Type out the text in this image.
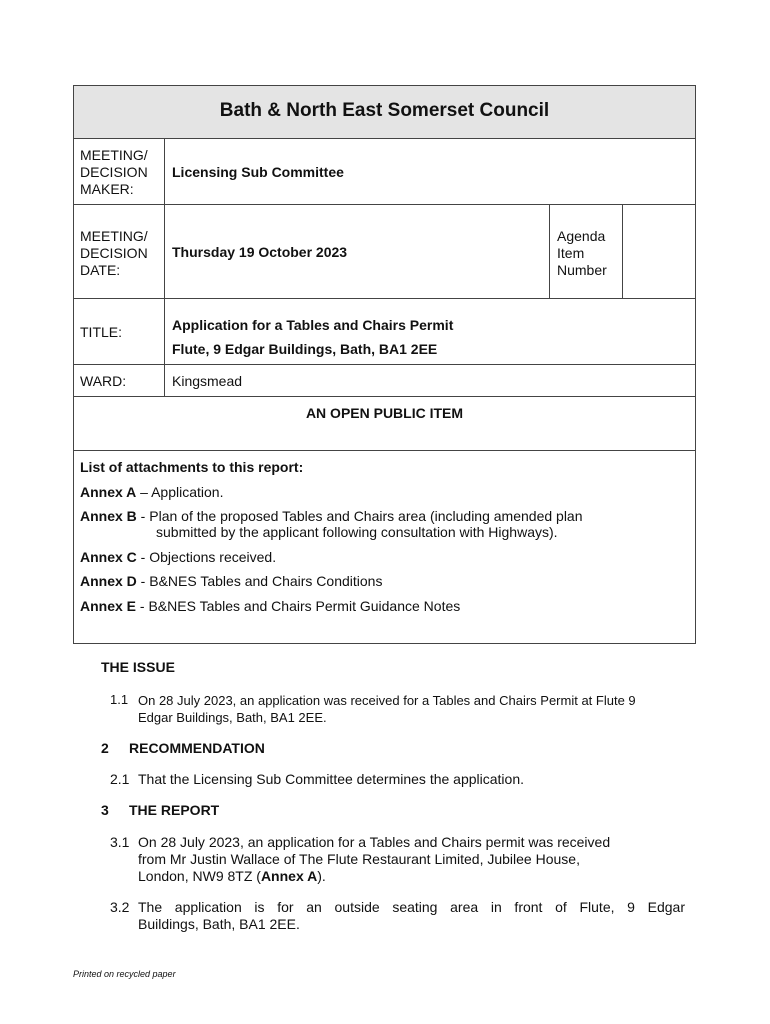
Bath & North East Somerset Council
MEETING/
DECISION
MAKER:
Licensing Sub Committee
MEETING/
DECISION
DATE:
Thursday 19 October 2023
Agenda
Item
Number
TITLE:	Application for a Tables and Chairs Permit
Flute, 9 Edgar Buildings, Bath, BA1 2EE
WARD:	Kingsmead
AN OPEN PUBLIC ITEM
List of attachments to this report:
Annex A – Application.
Annex B - Plan of the proposed Tables and Chairs area (including amended plan
submitted by the applicant following consultation with Highways).
Annex C - Objections received.
Annex D - B&NES Tables and Chairs Conditions
Annex E - B&NES Tables and Chairs Permit Guidance Notes
THE ISSUE
1.1 On 28 July 2023, an application was received for a Tables and Chairs Permit at Flute 9
Edgar Buildings, Bath, BA1 2EE.
2 RECOMMENDATION
2.1 That the Licensing Sub Committee determines the application.
3 THE REPORT
3.1 On 28 July 2023, an application for a Tables and Chairs permit was received
from Mr Justin Wallace of The Flute Restaurant Limited, Jubilee House,
London, NW9 8TZ (Annex A).
3.2 The application is for an outside seating area in front of Flute, 9 Edgar
Buildings, Bath, BA1 2EE.
Printed on recycled paper
